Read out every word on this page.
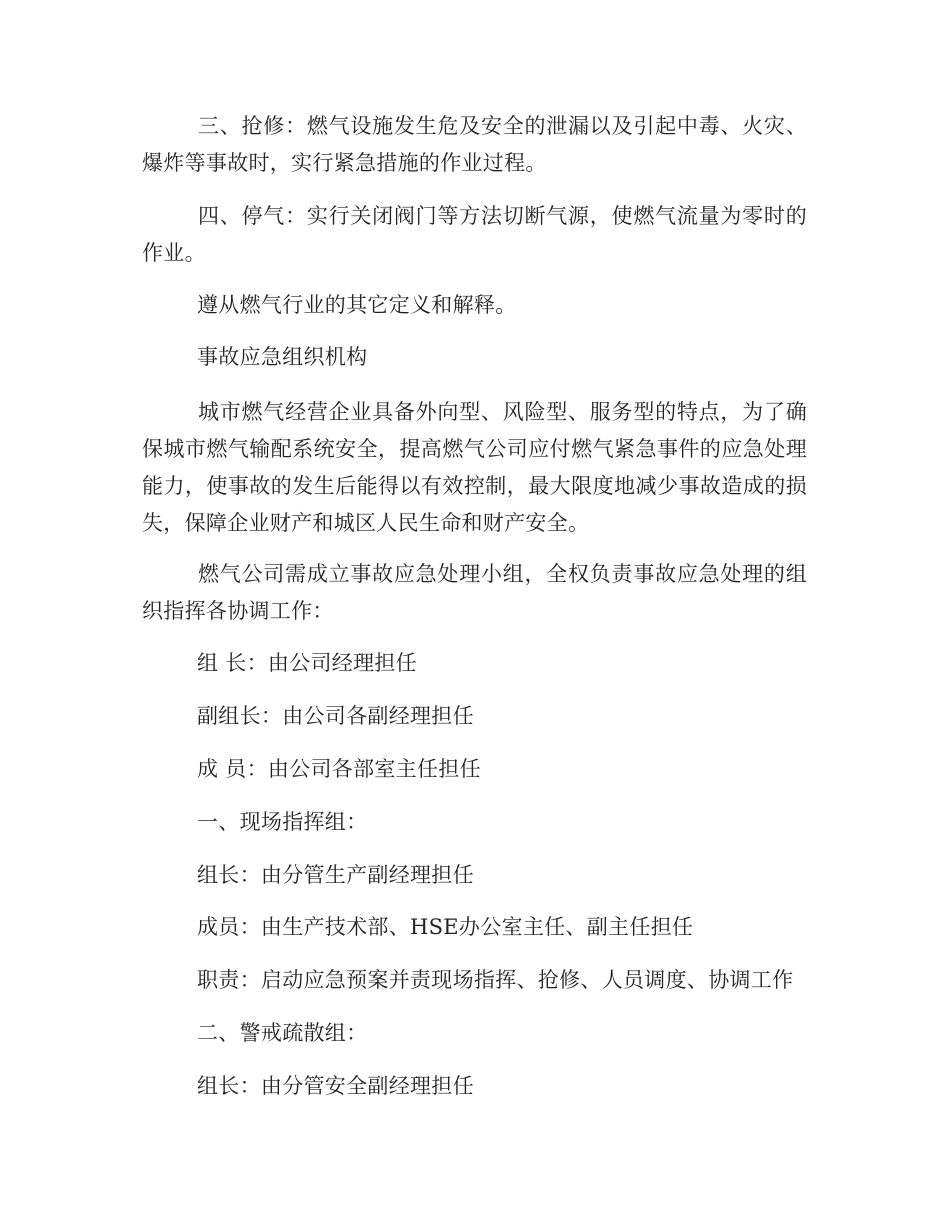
三、抢修：燃气设施发生危及安全的泄漏以及引起中毒、火灾、爆炸等事故时，实行紧急措施的作业过程。

四、停气：实行关闭阀门等方法切断气源，使燃气流量为零时的作业。

遵从燃气行业的其它定义和解释。

事故应急组织机构

城市燃气经营企业具备外向型、风险型、服务型的特点，为了确保城市燃气输配系统安全，提高燃气公司应付燃气紧急事件的应急处理能力，使事故的发生后能得以有效控制，最大限度地减少事故造成的损失，保障企业财产和城区人民生命和财产安全。

燃气公司需成立事故应急处理小组，全权负责事故应急处理的组织指挥各协调工作：

组 长：由公司经理担任

副组长：由公司各副经理担任

成 员：由公司各部室主任担任

一、现场指挥组：

组长：由分管生产副经理担任

成员：由生产技术部、HSE办公室主任、副主任担任

职责：启动应急预案并责现场指挥、抢修、人员调度、协调工作

二、警戒疏散组：

组长：由分管安全副经理担任
